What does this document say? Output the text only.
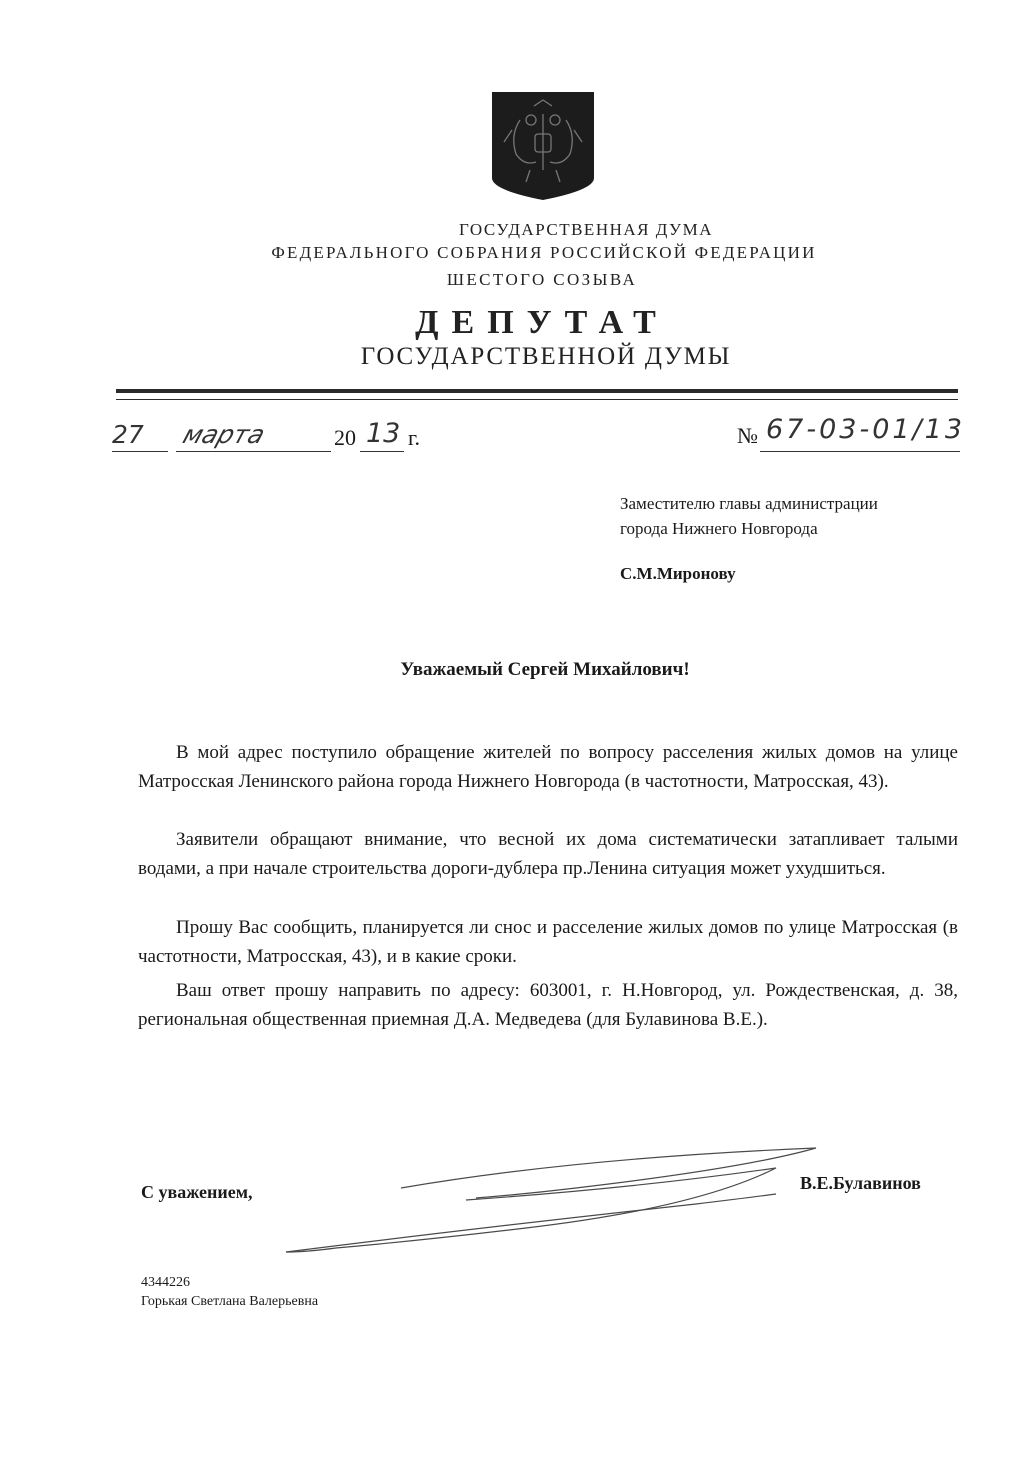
ГОСУДАРСТВЕННАЯ ДУМА
ФЕДЕРАЛЬНОГО СОБРАНИЯ РОССИЙСКОЙ ФЕДЕРАЦИИ
ШЕСТОГО СОЗЫВА
ДЕПУТАТ
ГОСУДАРСТВЕННОЙ ДУМЫ
27 марта	20 13 г.	№ 67-03-01/13
Заместителю главы администрации
города Нижнего Новгорода
С.М.Миронову
Уважаемый Сергей Михайлович!

В мой адрес поступило обращение жителей по вопросу расселения жилых домов на улице Матросская Ленинского района города Нижнего Новгорода (в частотности, Матросская, 43).

Заявители обращают внимание, что весной их дома систематически затапливает талыми водами, а при начале строительства дороги-дублера пр.Ленина ситуация может ухудшиться.

Прошу Вас сообщить, планируется ли снос и расселение жилых домов по улице Матросская (в частотности, Матросская, 43), и в какие сроки.

Ваш ответ прошу направить по адресу: 603001, г. Н.Новгород, ул. Рождественская, д. 38, региональная общественная приемная Д.А. Медведева (для Булавинова В.Е.).

С уважением,	В.Е.Булавинов
4344226
Горькая Светлана Валерьевна
